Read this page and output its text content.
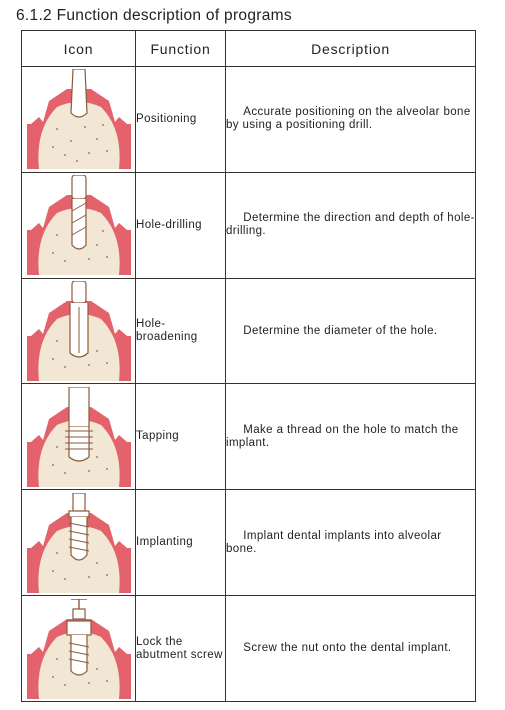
6.1.2 Function description of programs
Icon	Function	Description

	Positioning	Accurate positioning on the alveolar bone by using a positioning drill.

	Hole-drilling	Determine the direction and depth of hole-drilling.

	Hole-broadening	Determine the diameter of the hole.

	Tapping	Make a thread on the hole to match the implant.

	Implanting	Implant dental implants into alveolar bone.

	Lock the abutment screw	Screw the nut onto the dental implant.
